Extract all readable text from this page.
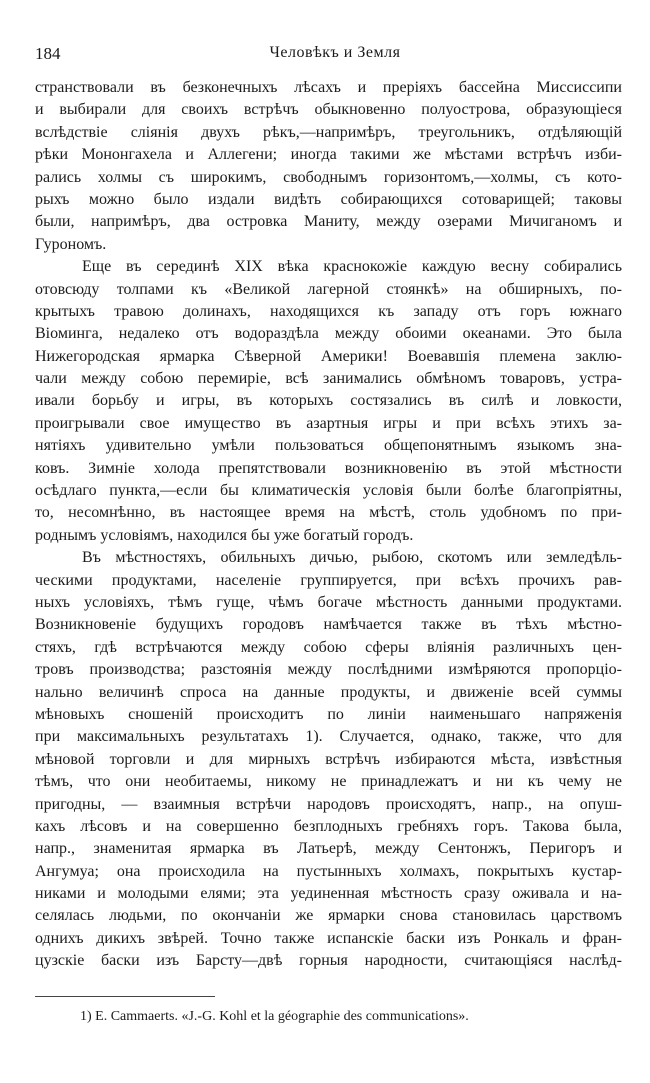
184	Человѣкъ и Земля
странствовали въ безконечныхъ лѣсахъ и преріяхъ бассейна Миссиссипи
и выбирали для своихъ встрѣчъ обыкновенно полуострова, образующіеся
вслѣдствіе сліянія двухъ рѣкъ,—напримѣръ, треугольникъ, отдѣляющій
рѣки Мононгахела и Аллегени; иногда такими же мѣстами встрѣчъ изби-
рались холмы съ широкимъ, свободнымъ горизонтомъ,—холмы, съ кото-
рыхъ можно было издали видѣть собирающихся сотоварищей; таковы
были, напримѣръ, два островка Маниту, между озерами Мичиганомъ и
Гурономъ.
Еще въ серединѣ XIX вѣка краснокожіе каждую весну собирались
отовсюду толпами къ «Великой лагерной стоянкѣ» на обширныхъ, по-
крытыхъ травою долинахъ, находящихся къ западу отъ горъ южнаго
Віоминга, недалеко отъ водораздѣла между обоими океанами. Это была
Нижегородская ярмарка Сѣверной Америки! Воевавшія племена заклю-
чали между собою перемиріе, всѣ занимались обмѣномъ товаровъ, устра-
ивали борьбу и игры, въ которыхъ состязались въ силѣ и ловкости,
проигрывали свое имущество въ азартныя игры и при всѣхъ этихъ за-
нятіяхъ удивительно умѣли пользоваться общепонятнымъ языкомъ зна-
ковъ. Зимніе холода препятствовали возникновенію въ этой мѣстности
осѣдлаго пункта,—если бы климатическія условія были болѣе благопріятны,
то, несомнѣнно, въ настоящее время на мѣстѣ, столь удобномъ по при-
роднымъ условіямъ, находился бы уже богатый городъ.
Въ мѣстностяхъ, обильныхъ дичью, рыбою, скотомъ или земледѣль-
ческими продуктами, населеніе группируется, при всѣхъ прочихъ рав-
ныхъ условіяхъ, тѣмъ гуще, чѣмъ богаче мѣстность данными продуктами.
Возникновеніе будущихъ городовъ намѣчается также въ тѣхъ мѣстно-
стяхъ, гдѣ встрѣчаются между собою сферы вліянія различныхъ цен-
тровъ производства; разстоянія между послѣдними измѣряются пропорціо-
нально величинѣ спроса на данные продукты, и движеніе всей суммы
мѣновыхъ сношеній происходитъ по линіи наименьшаго напряженія
при максимальныхъ результатахъ 1). Случается, однако, также, что для
мѣновой торговли и для мирныхъ встрѣчъ избираются мѣста, извѣстныя
тѣмъ, что они необитаемы, никому не принадлежатъ и ни къ чему не
пригодны, — взаимныя встрѣчи народовъ происходятъ, напр., на опуш-
кахъ лѣсовъ и на совершенно безплодныхъ гребняхъ горъ. Такова была,
напр., знаменитая ярмарка въ Латьерѣ, между Сентонжъ, Перигоръ и
Ангумуа; она происходила на пустынныхъ холмахъ, покрытыхъ кустар-
никами и молодыми елями; эта уединенная мѣстность сразу оживала и на-
селялась людьми, по окончаніи же ярмарки снова становилась царствомъ
однихъ дикихъ звѣрей. Точно также испанскіе баски изъ Ронкаль и фран-
цузскіе баски изъ Барсту—двѣ горныя народности, считающіяся наслѣд-
1) E. Cammaerts. «J.-G. Kohl et la géographie des communications».
